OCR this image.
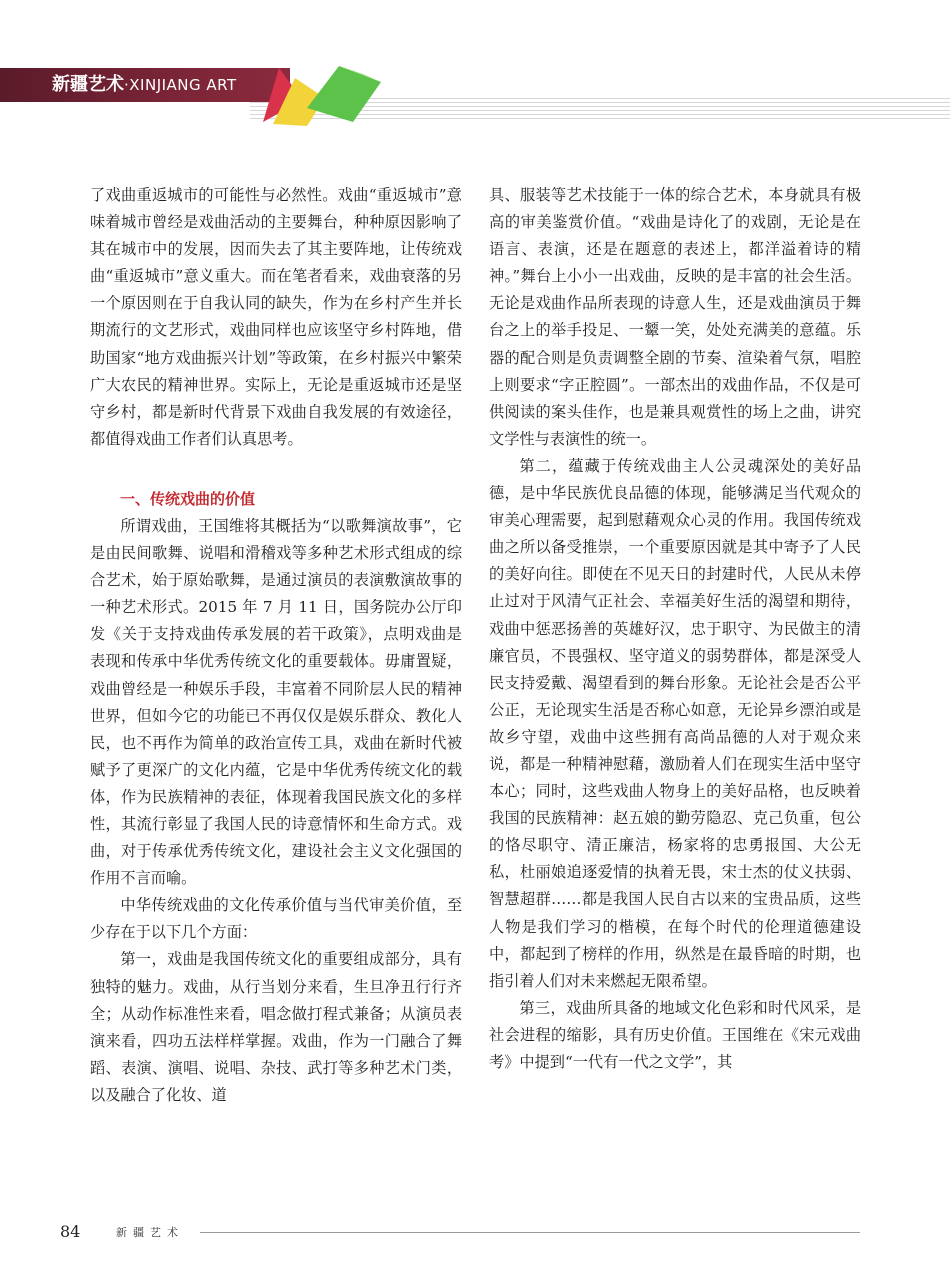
新疆艺术·XINJIANG ART

了戏曲重返城市的可能性与必然性。戏曲“重返城市”意味着城市曾经是戏曲活动的主要舞台，种种原因影响了其在城市中的发展，因而失去了其主要阵地，让传统戏曲“重返城市”意义重大。而在笔者看来，戏曲衰落的另一个原因则在于自我认同的缺失，作为在乡村产生并长期流行的文艺形式，戏曲同样也应该坚守乡村阵地，借助国家“地方戏曲振兴计划”等政策，在乡村振兴中繁荣广大农民的精神世界。实际上，无论是重返城市还是坚守乡村，都是新时代背景下戏曲自我发展的有效途径，都值得戏曲工作者们认真思考。

一、传统戏曲的价值

所谓戏曲，王国维将其概括为“以歌舞演故事”，它是由民间歌舞、说唱和滑稽戏等多种艺术形式组成的综合艺术，始于原始歌舞，是通过演员的表演敷演故事的一种艺术形式。2015 年 7 月 11 日，国务院办公厅印发《关于支持戏曲传承发展的若干政策》，点明戏曲是表现和传承中华优秀传统文化的重要载体。毋庸置疑，戏曲曾经是一种娱乐手段，丰富着不同阶层人民的精神世界，但如今它的功能已不再仅仅是娱乐群众、教化人民，也不再作为简单的政治宣传工具，戏曲在新时代被赋予了更深广的文化内蕴，它是中华优秀传统文化的载体，作为民族精神的表征，体现着我国民族文化的多样性，其流行彰显了我国人民的诗意情怀和生命方式。戏曲，对于传承优秀传统文化，建设社会主义文化强国的作用不言而喻。

中华传统戏曲的文化传承价值与当代审美价值，至少存在于以下几个方面：

第一，戏曲是我国传统文化的重要组成部分，具有独特的魅力。戏曲，从行当划分来看，生旦净丑行行齐全；从动作标准性来看，唱念做打程式兼备；从演员表演来看，四功五法样样掌握。戏曲，作为一门融合了舞蹈、表演、演唱、说唱、杂技、武打等多种艺术门类，以及融合了化妆、道

具、服装等艺术技能于一体的综合艺术，本身就具有极高的审美鉴赏价值。“戏曲是诗化了的戏剧，无论是在语言、表演，还是在题意的表述上，都洋溢着诗的精神。”舞台上小小一出戏曲，反映的是丰富的社会生活。无论是戏曲作品所表现的诗意人生，还是戏曲演员于舞台之上的举手投足、一颦一笑，处处充满美的意蕴。乐器的配合则是负责调整全剧的节奏、渲染着气氛，唱腔上则要求“字正腔圆”。一部杰出的戏曲作品，不仅是可供阅读的案头佳作，也是兼具观赏性的场上之曲，讲究文学性与表演性的统一。

第二，蕴藏于传统戏曲主人公灵魂深处的美好品德，是中华民族优良品德的体现，能够满足当代观众的审美心理需要，起到慰藉观众心灵的作用。我国传统戏曲之所以备受推崇，一个重要原因就是其中寄予了人民的美好向往。即使在不见天日的封建时代，人民从未停止过对于风清气正社会、幸福美好生活的渴望和期待，戏曲中惩恶扬善的英雄好汉，忠于职守、为民做主的清廉官员，不畏强权、坚守道义的弱势群体，都是深受人民支持爱戴、渴望看到的舞台形象。无论社会是否公平公正，无论现实生活是否称心如意，无论异乡漂泊或是故乡守望，戏曲中这些拥有高尚品德的人对于观众来说，都是一种精神慰藉，激励着人们在现实生活中坚守本心；同时，这些戏曲人物身上的美好品格，也反映着我国的民族精神：赵五娘的勤劳隐忍、克己负重，包公的恪尽职守、清正廉洁，杨家将的忠勇报国、大公无私，杜丽娘追逐爱情的执着无畏，宋士杰的仗义扶弱、智慧超群……都是我国人民自古以来的宝贵品质，这些人物是我们学习的楷模，在每个时代的伦理道德建设中，都起到了榜样的作用，纵然是在最昏暗的时期，也指引着人们对未来燃起无限希望。

第三，戏曲所具备的地域文化色彩和时代风采，是社会进程的缩影，具有历史价值。王国维在《宋元戏曲考》中提到“一代有一代之文学”，其

84	新疆艺术
